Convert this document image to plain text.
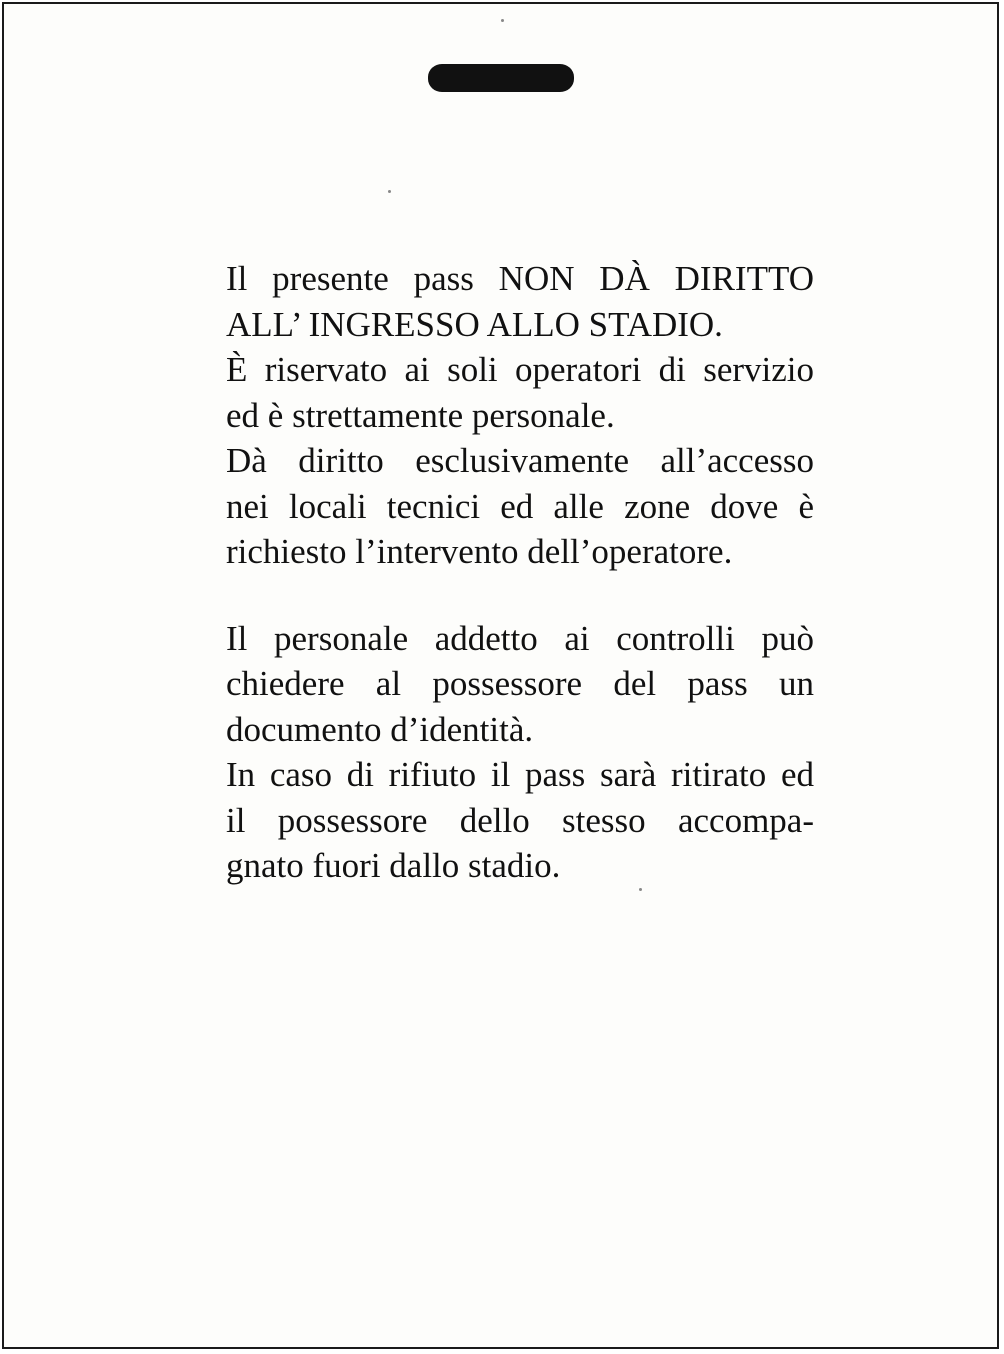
Il presente pass NON DÀ DIRITTO
ALL’ INGRESSO ALLO STADIO.
È riservato ai soli operatori di servizio
ed è strettamente personale.
Dà diritto esclusivamente all’accesso
nei locali tecnici ed alle zone dove è
richiesto l’intervento dell’operatore.
Il personale addetto ai controlli può
chiedere al possessore del pass un
documento d’identità.
In caso di rifiuto il pass sarà ritirato ed
il possessore dello stesso accompa-
gnato fuori dallo stadio.
